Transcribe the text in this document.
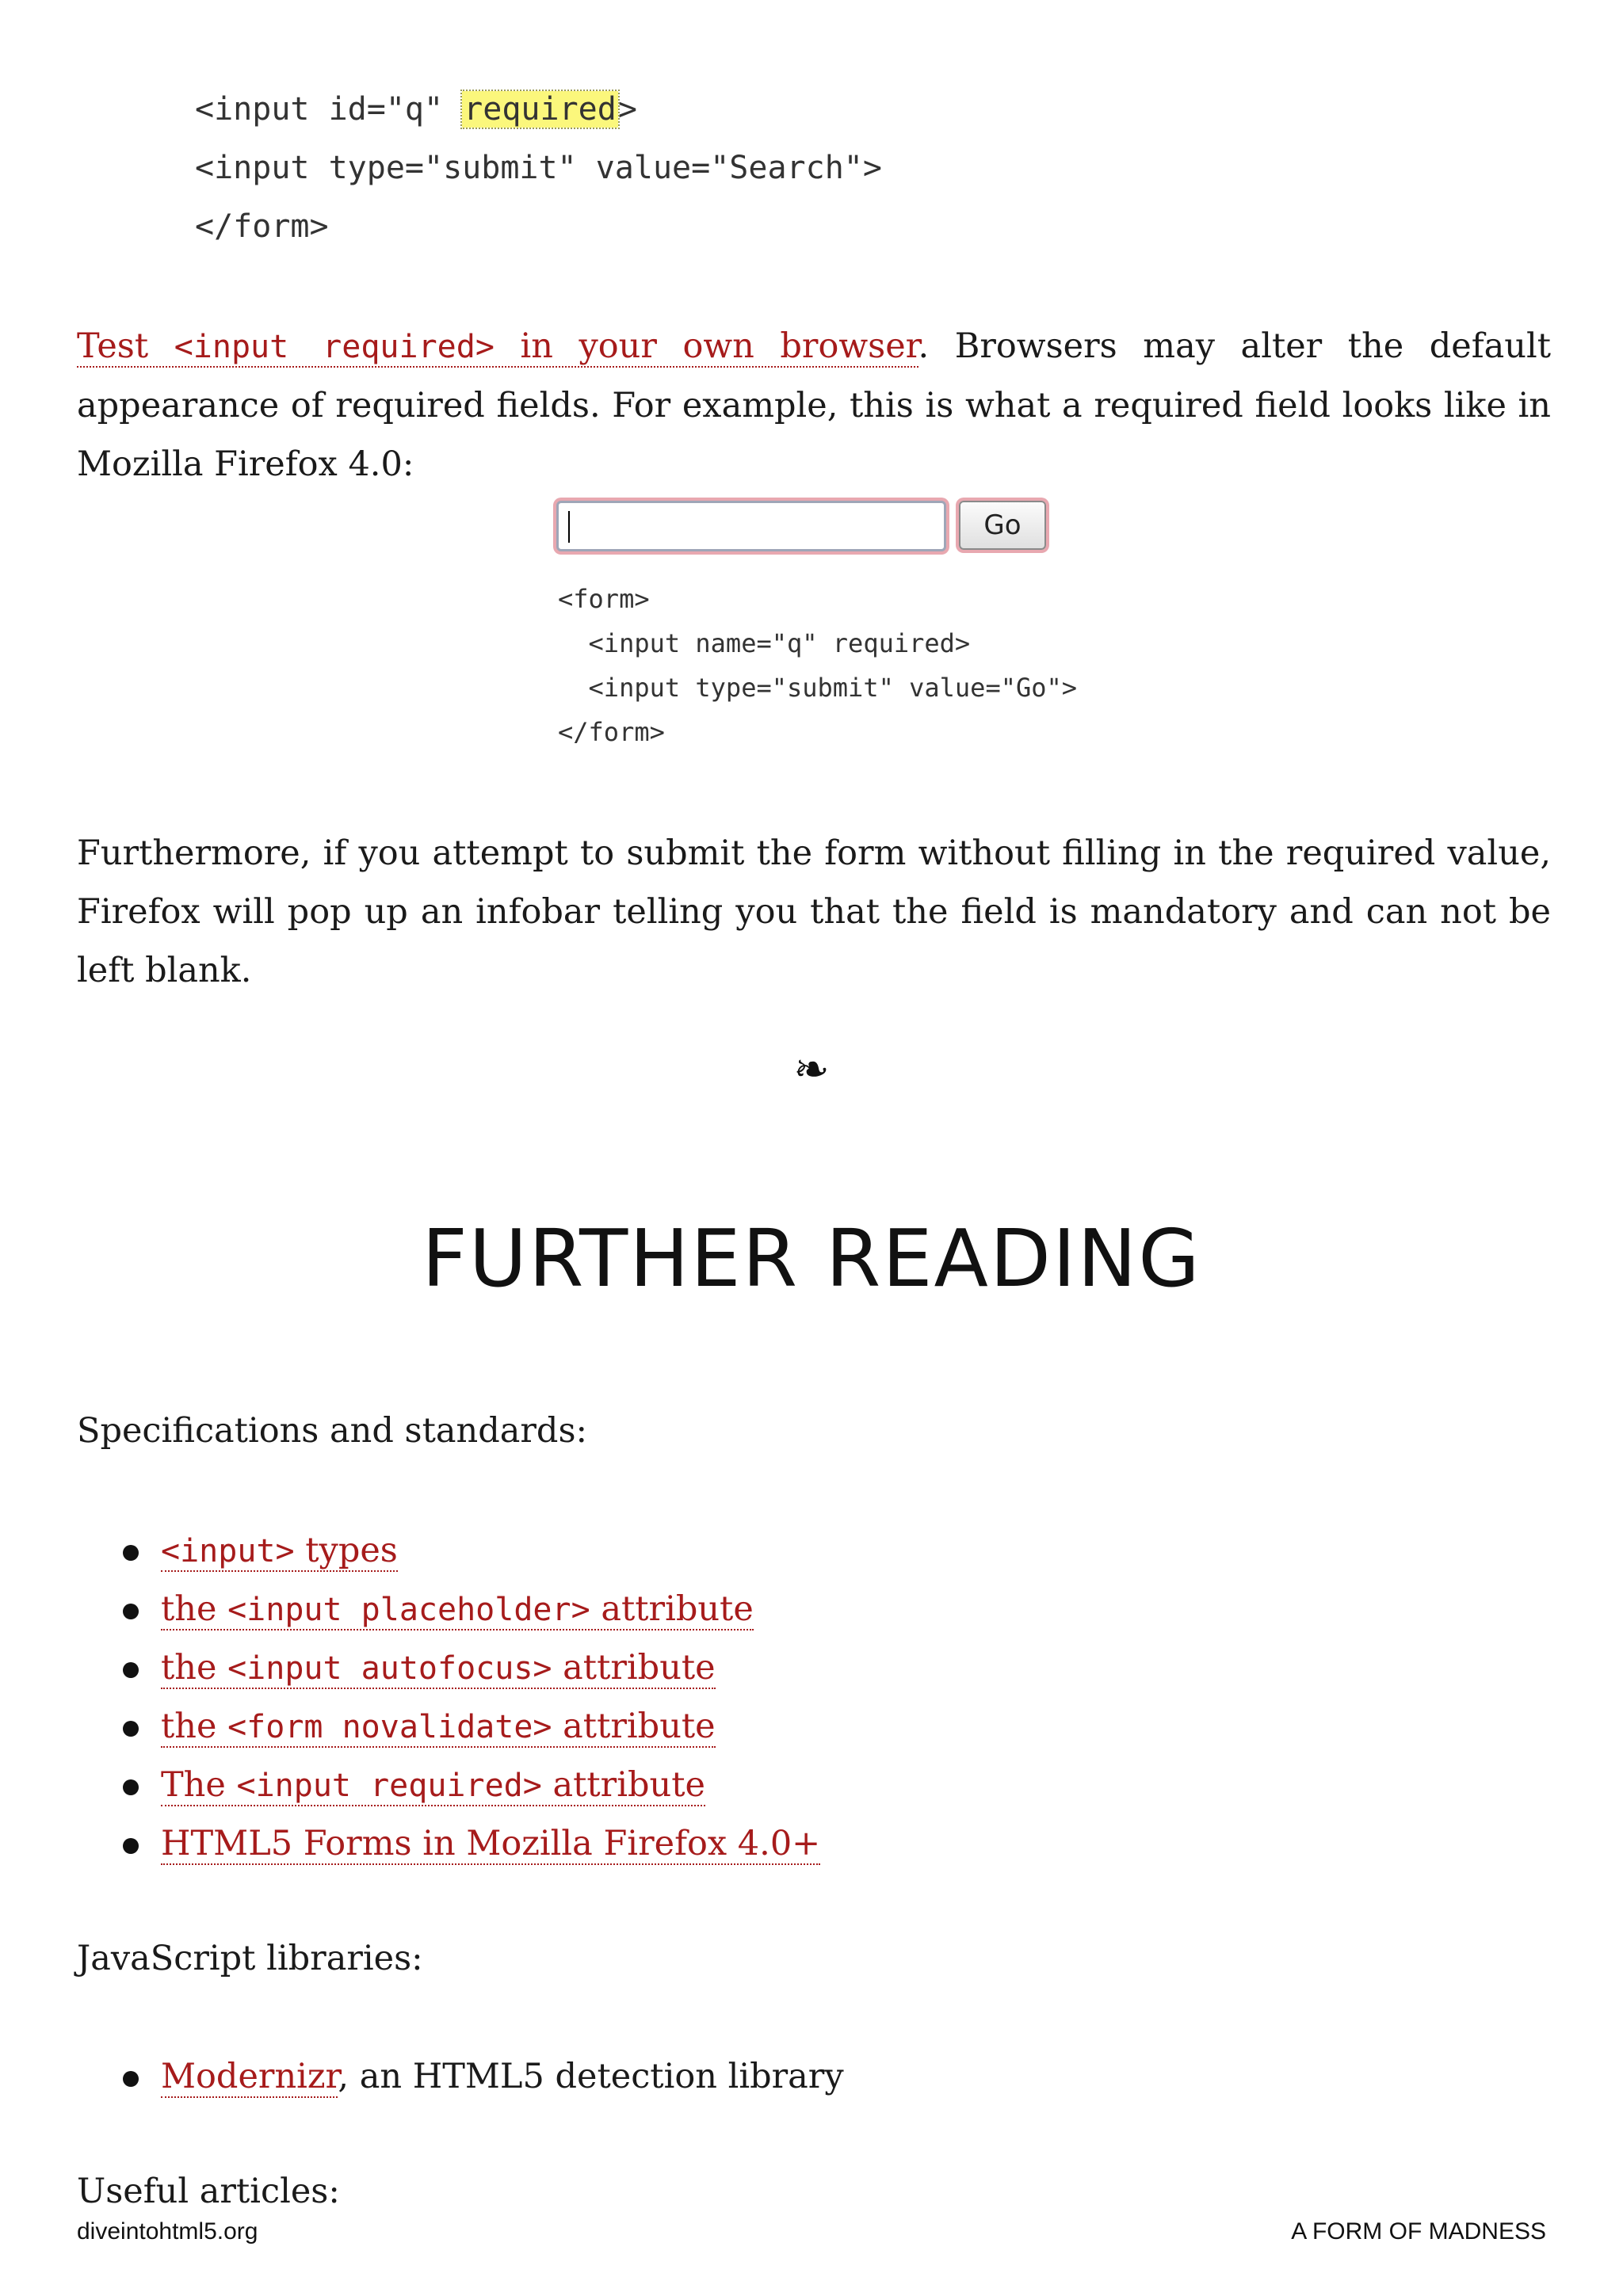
<input id="q" required>
<input type="submit" value="Search">
</form>

Test <input required> in your own browser. Browsers may alter the default appearance of required fields. For example, this is what a required field looks like in Mozilla Firefox 4.0:

Go
<form>
<input name="q" required>
<input type="submit" value="Go">
</form>

Furthermore, if you attempt to submit the form without filling in the required value, Firefox will pop up an infobar telling you that the field is mandatory and can not be left blank.

❧
FURTHER READING
Specifications and standards:
<input> types
the <input placeholder> attribute
the <input autofocus> attribute
the <form novalidate> attribute
The <input required> attribute
HTML5 Forms in Mozilla Firefox 4.0+
JavaScript libraries:
Modernizr, an HTML5 detection library
Useful articles:
diveintohtml5.org	A FORM OF MADNESS
